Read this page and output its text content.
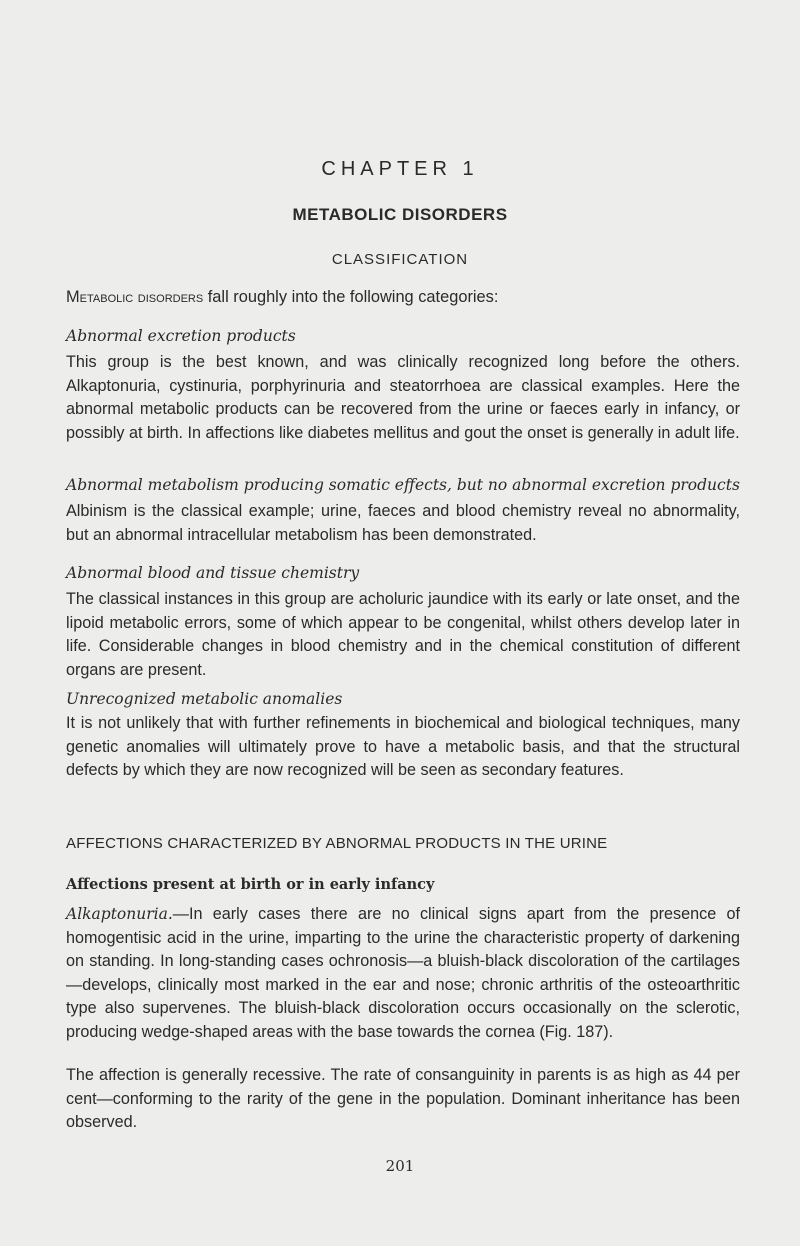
CHAPTER 1
METABOLIC DISORDERS
CLASSIFICATION
Metabolic disorders fall roughly into the following categories:
Abnormal excretion products
This group is the best known, and was clinically recognized long before the others. Alkaptonuria, cystinuria, porphyrinuria and steatorrhoea are classical examples. Here the abnormal metabolic products can be recovered from the urine or faeces early in infancy, or possibly at birth. In affections like diabetes mellitus and gout the onset is generally in adult life.
Abnormal metabolism producing somatic effects, but no abnormal excretion products
Albinism is the classical example; urine, faeces and blood chemistry reveal no abnormality, but an abnormal intracellular metabolism has been demonstrated.
Abnormal blood and tissue chemistry
The classical instances in this group are acholuric jaundice with its early or late onset, and the lipoid metabolic errors, some of which appear to be congenital, whilst others develop later in life. Considerable changes in blood chemistry and in the chemical constitution of different organs are present.
Unrecognized metabolic anomalies
It is not unlikely that with further refinements in biochemical and biological techniques, many genetic anomalies will ultimately prove to have a metabolic basis, and that the structural defects by which they are now recognized will be seen as secondary features.
AFFECTIONS CHARACTERIZED BY ABNORMAL PRODUCTS IN THE URINE
Affections present at birth or in early infancy
Alkaptonuria.—In early cases there are no clinical signs apart from the presence of homogentisic acid in the urine, imparting to the urine the characteristic property of darkening on standing. In long-standing cases ochronosis—a bluish-black discoloration of the cartilages—develops, clinically most marked in the ear and nose; chronic arthritis of the osteoarthritic type also supervenes. The bluish-black discoloration occurs occasionally on the sclerotic, producing wedge-shaped areas with the base towards the cornea (Fig. 187).
The affection is generally recessive. The rate of consanguinity in parents is as high as 44 per cent—conforming to the rarity of the gene in the population. Dominant inheritance has been observed.
201
